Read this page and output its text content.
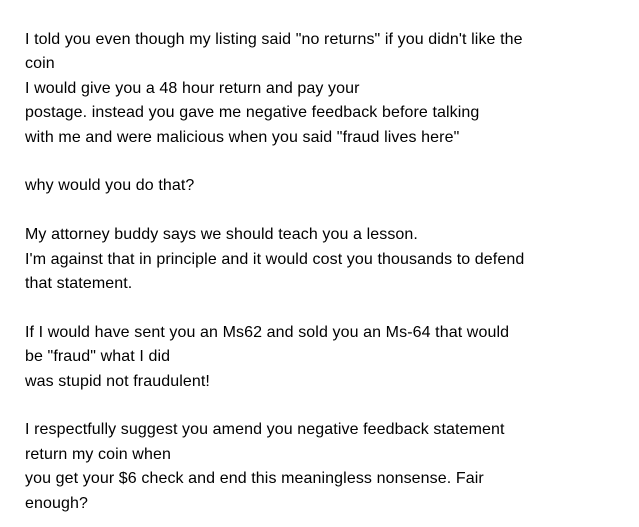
I told you even though my listing said "no returns" if you didn't like the
coin
I would give you a 48 hour return and pay your
postage. instead you gave me negative feedback before talking
with me and were malicious when you said "fraud lives here"
why would you do that?
My attorney buddy says we should teach you a lesson.
I'm against that in principle and it would cost you thousands to defend
that statement.
If I would have sent you an Ms62 and sold you an Ms-64 that would
be "fraud" what I did
was stupid not fraudulent!
I respectfully suggest you amend you negative feedback statement
return my coin when
you get your $6 check and end this meaningless nonsense. Fair
enough?
